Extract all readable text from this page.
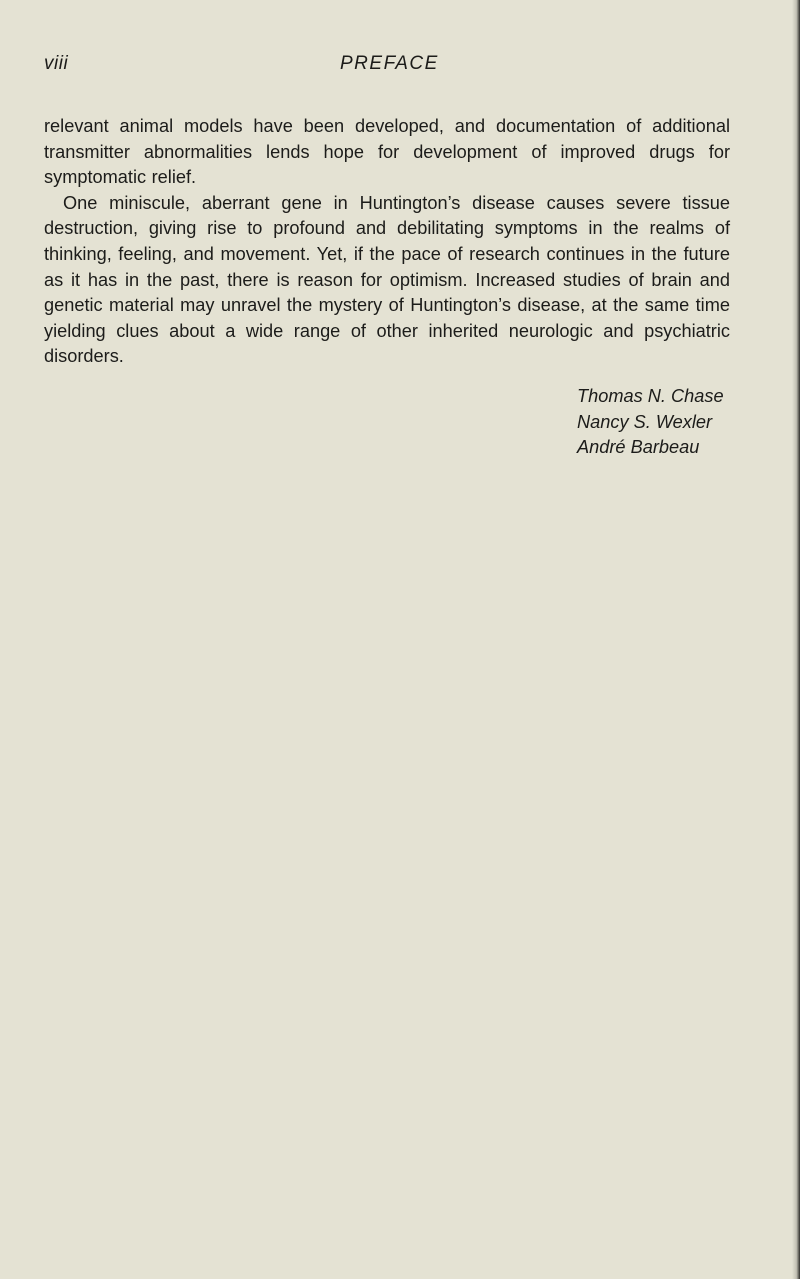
viii	PREFACE

relevant animal models have been developed, and documentation of additional transmitter abnormalities lends hope for development of improved drugs for symptomatic relief.

One miniscule, aberrant gene in Huntington’s disease causes severe tissue destruction, giving rise to profound and debilitating symptoms in the realms of thinking, feeling, and movement. Yet, if the pace of research continues in the future as it has in the past, there is reason for optimism. Increased studies of brain and genetic material may unravel the mystery of Huntington’s disease, at the same time yielding clues about a wide range of other inherited neurologic and psychiatric disorders.

Thomas N. Chase
Nancy S. Wexler
André Barbeau
